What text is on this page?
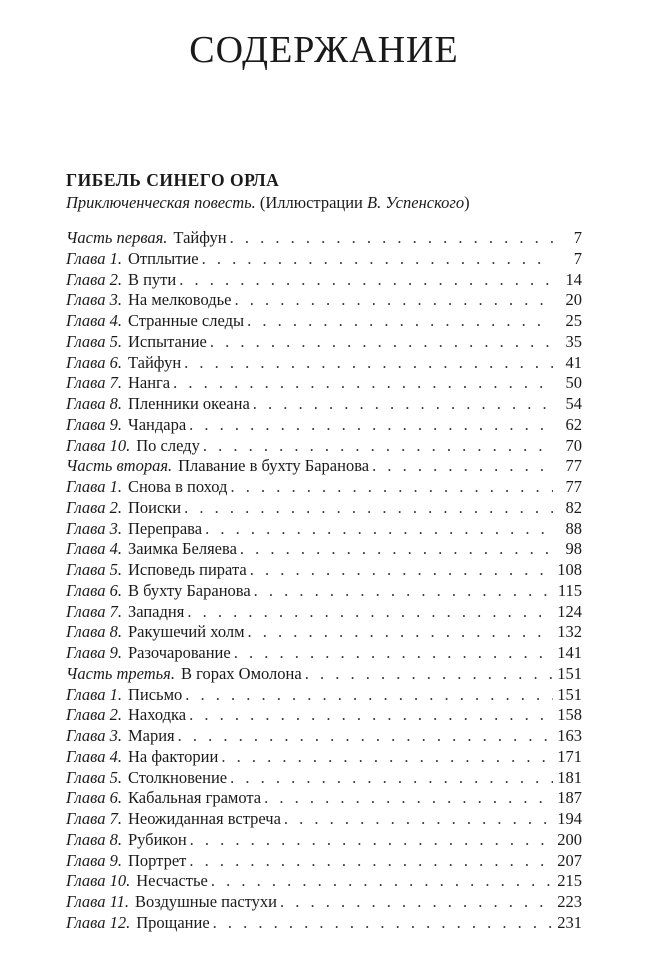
СОДЕРЖАНИЕ
ГИБЕЛЬ СИНЕГО ОРЛА
Приключенческая повесть. (Иллюстрации В. Успенского)
Часть первая. Тайфун . . .	7
Глава 1. Отплытие . . .	7
Глава 2. В пути . . .	14
Глава 3. На мелководье . . .	20
Глава 4. Странные следы . . .	25
Глава 5. Испытание . . .	35
Глава 6. Тайфун . . .	41
Глава 7. Нанга . . .	50
Глава 8. Пленники океана . . .	54
Глава 9. Чандара . . .	62
Глава 10. По следу . . .	70
Часть вторая. Плавание в бухту Баранова . . .	77
Глава 1. Снова в поход . . .	77
Глава 2. Поиски . . .	82
Глава 3. Переправа . . .	88
Глава 4. Заимка Беляева . . .	98
Глава 5. Исповедь пирата . . .	108
Глава 6. В бухту Баранова . . .	115
Глава 7. Западня . . .	124
Глава 8. Ракушечий холм . . .	132
Глава 9. Разочарование . . .	141
Часть третья. В горах Омолона . . .	151
Глава 1. Письмо . . .	151
Глава 2. Находка . . .	158
Глава 3. Мария . . .	163
Глава 4. На фактории . . .	171
Глава 5. Столкновение . . .	181
Глава 6. Кабальная грамота . . .	187
Глава 7. Неожиданная встреча . . .	194
Глава 8. Рубикон . . .	200
Глава 9. Портрет . . .	207
Глава 10. Несчастье . . .	215
Глава 11. Воздушные пастухи . . .	223
Глава 12. Прощание . . .	231
